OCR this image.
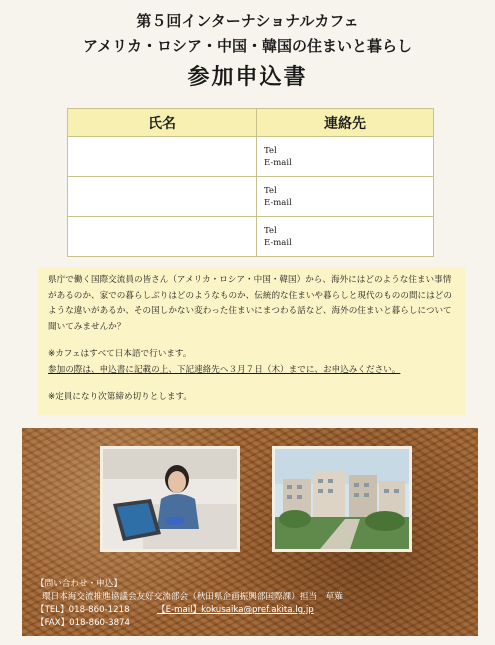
第５回インターナショナルカフェ
アメリカ・ロシア・中国・韓国の住まいと暮らし
参加申込書
氏名	連絡先

	Tel
E-mail

	Tel
E-mail

	Tel
E-mail

県庁で働く国際交流員の皆さん（アメリカ・ロシア・中国・韓国）から、海外にはどのような住まい事情があるのか、家での暮らしぶりはどのようなものか、伝統的な住まいや暮らしと現代のものの間にはどのような違いがあるか、その国しかない変わった住まいにまつわる話など、海外の住まいと暮らしについて聞いてみませんか？

※カフェはすべて日本語で行います。

参加の際は、申込書に記載の上、下記連絡先へ３月７日（木）までに、お申込みください。

※定員になり次第締め切りとします。

【問い合わせ・申込】

環日本海交流推進協議会友好交流部会（秋田県企画振興部国際課）担当　草薙

【TEL】018-860-1218	【E-mail】kokusaika@pref.akita.lg.jp

【FAX】018-860-3874
